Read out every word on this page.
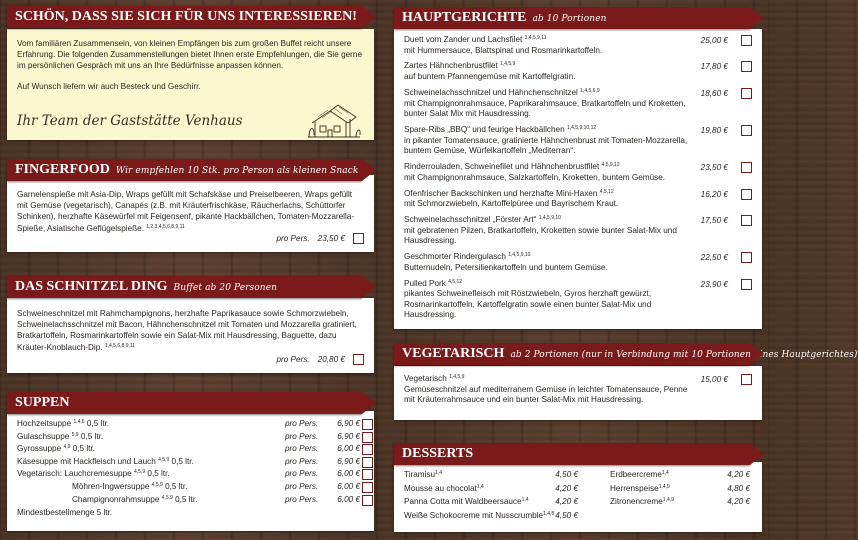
Vom familiären Zusammensein, von kleinen Empfängen bis zum großen Buffet reicht unsere Erfahrung. Die folgenden Zusammenstellungen bietet Ihnen erste Empfehlungen, die Sie gerne im persönlichen Gespräch mit uns an Ihre Bedürfnisse anpassen können.

Auf Wunsch liefern wir auch Besteck und Geschirr.

Ihr Team der Gaststätte Venhaus
SCHÖN, DASS SIE SICH FÜR UNS INTERESSIEREN!

Garnelenspieße mit Asia-Dip, Wraps gefüllt mit Schafskäse und Preiselbeeren, Wraps gefüllt mit Gemüse (vegetarisch), Canapés (z.B. mit Kräuterfrischkäse, Räucherlachs, Schüttorfer Schinken), herzhafte Käsewürfel mit Feigensenf, pikante Hackbällchen, Tomaten-Mozzarella-Spieße, Asiatische Geflügelspieße. $^{1,2,3,4,5,6,8,9,11}$

pro Pers. 23,50 €
FINGERFOOD Wir empfehlen 10 Stk. pro Person als kleinen Snack

Schweineschnitzel mit Rahmchampignons, herzhafte Paprikasauce sowie Schmorzwiebeln, Schweinelachsschnitzel mit Bacon, Hähnchenschnitzel mit Tomaten und Mozzarella gratiniert, Bratkartoffeln, Rosmarinkartoffeln sowie ein Salat-Mix mit Hausdressing, Baguette, dazu Kräuter-Knoblauch-Dip. $^{1,4,5,6,8,9,11}$

pro Pers. 20,80 €
DAS SCHNITZEL DING Buffet ab 20 Personen
Hochzeitsuppe $^{1,4,6}$ 0,5 ltr.	pro Pers.	6,90 €
Gulaschsuppe $^{5,9}$ 0,5 ltr.	pro Pers.	6,90 €
Gyrossuppe $^{4,9}$ 0,5 ltr.	pro Pers.	6,00 €
Käsesuppe mit Hackfleisch und Lauch $^{4,5,9}$ 0,5 ltr.	pro Pers.	6,90 €
Vegetarisch: Lauchcremesuppe $^{4,5,9}$ 0,5 ltr.	pro Pers.	6,00 €
Möhren-Ingwersuppe $^{4,5,9}$ 0,5 ltr.	pro Pers.	6,00 €
Champignonrahmsuppe $^{4,5,9}$ 0,5 ltr.	pro Pers.	6,00 €
Mindestbestellmenge 5 ltr.
SUPPEN
Duett vom Zander und Lachsfilet $^{3,4,5,9,11}$
mit Hummersauce, Blattspinat und Rosmarinkartoffeln.
25,00 €
Zartes Hähnchenbrustfilet $^{1,4,5,9}$
auf buntem Pfannengemüse mit Kartoffelgratin.
17,80 €
Schweinelachsschnitzel und Hähnchenschnitzel $^{1,4,5,6,9}$
mit Champignonrahmsauce, Paprikarahmsauce, Bratkartoffeln und Kroketten, bunter Salat Mix mit Hausdressing.
18,60 €
Spare-Ribs „BBQ“ und feurige Hackbällchen $^{1,4,5,9,10,12}$
in pikanter Tomatensauce, gratinierte Hähnchenbrust mit Tomaten-Mozzarella, buntem Gemüse, Würfelkartoffeln „Mediterran“.
19,80 €
Rinderrouladen, Schweinefilet und Hähnchenbrustfilet $^{4,5,9,12}$
mit Champignonrahmsauce, Salzkartoffeln, Kroketten, buntem Gemüse.
23,50 €
Ofenfrischer Backschinken und herzhafte Mini-Haxen $^{4,5,12}$
mit Schmorzwiebeln, Kartoffelpüree und Bayrischem Kraut.
16,20 €
Schweinelachsschnitzel „Förster Art“ $^{1,4,5,9,10}$
mit gebratenen Pilzen, Bratkartoffeln, Kroketten sowie bunter Salat-Mix und Hausdressing.
17,50 €
Geschmorter Rindergulasch $^{1,4,5,9,10}$
Butternudeln, Petersilienkartoffeln und buntem Gemüse.
22,50 €
Pulled Pork $^{4,5,12}$
pikantes Schweinefleisch mit Röstzwiebeln, Gyros herzhaft gewürzt, Rosmarinkartoffeln, Kartoffelgratin sowie einen bunter Salat-Mix und Hausdressing.
23,90 €
HAUPTGERICHTE ab 10 Portionen
Vegetarisch $^{1,4,5,9}$
Gemüseschnitzel auf mediterranem Gemüse in leichter Tomatensauce, Penne mit Kräuterrahmsauce und ein bunter Salat-Mix mit Hausdressing.
15,00 €
VEGETARISCH ab 2 Portionen (nur in Verbindung mit 10 Portionen eines Hauptgerichtes)
Tiramisu$^{1,4}$	4,50 €
Mousse au chocolat$^{1,4}$	4,20 €
Panna Cotta mit Waldbeersauce$^{1,4}$	4,20 €
Weiße Schokocreme mit Nusscrumble$^{1,4,8}$ 4,50 €
Erdbeercreme$^{1,4}$	4,20 €
Herrenspeise$^{1,4,9}$	4,80 €
Zitronencreme$^{1,4,9}$	4,20 €
DESSERTS
